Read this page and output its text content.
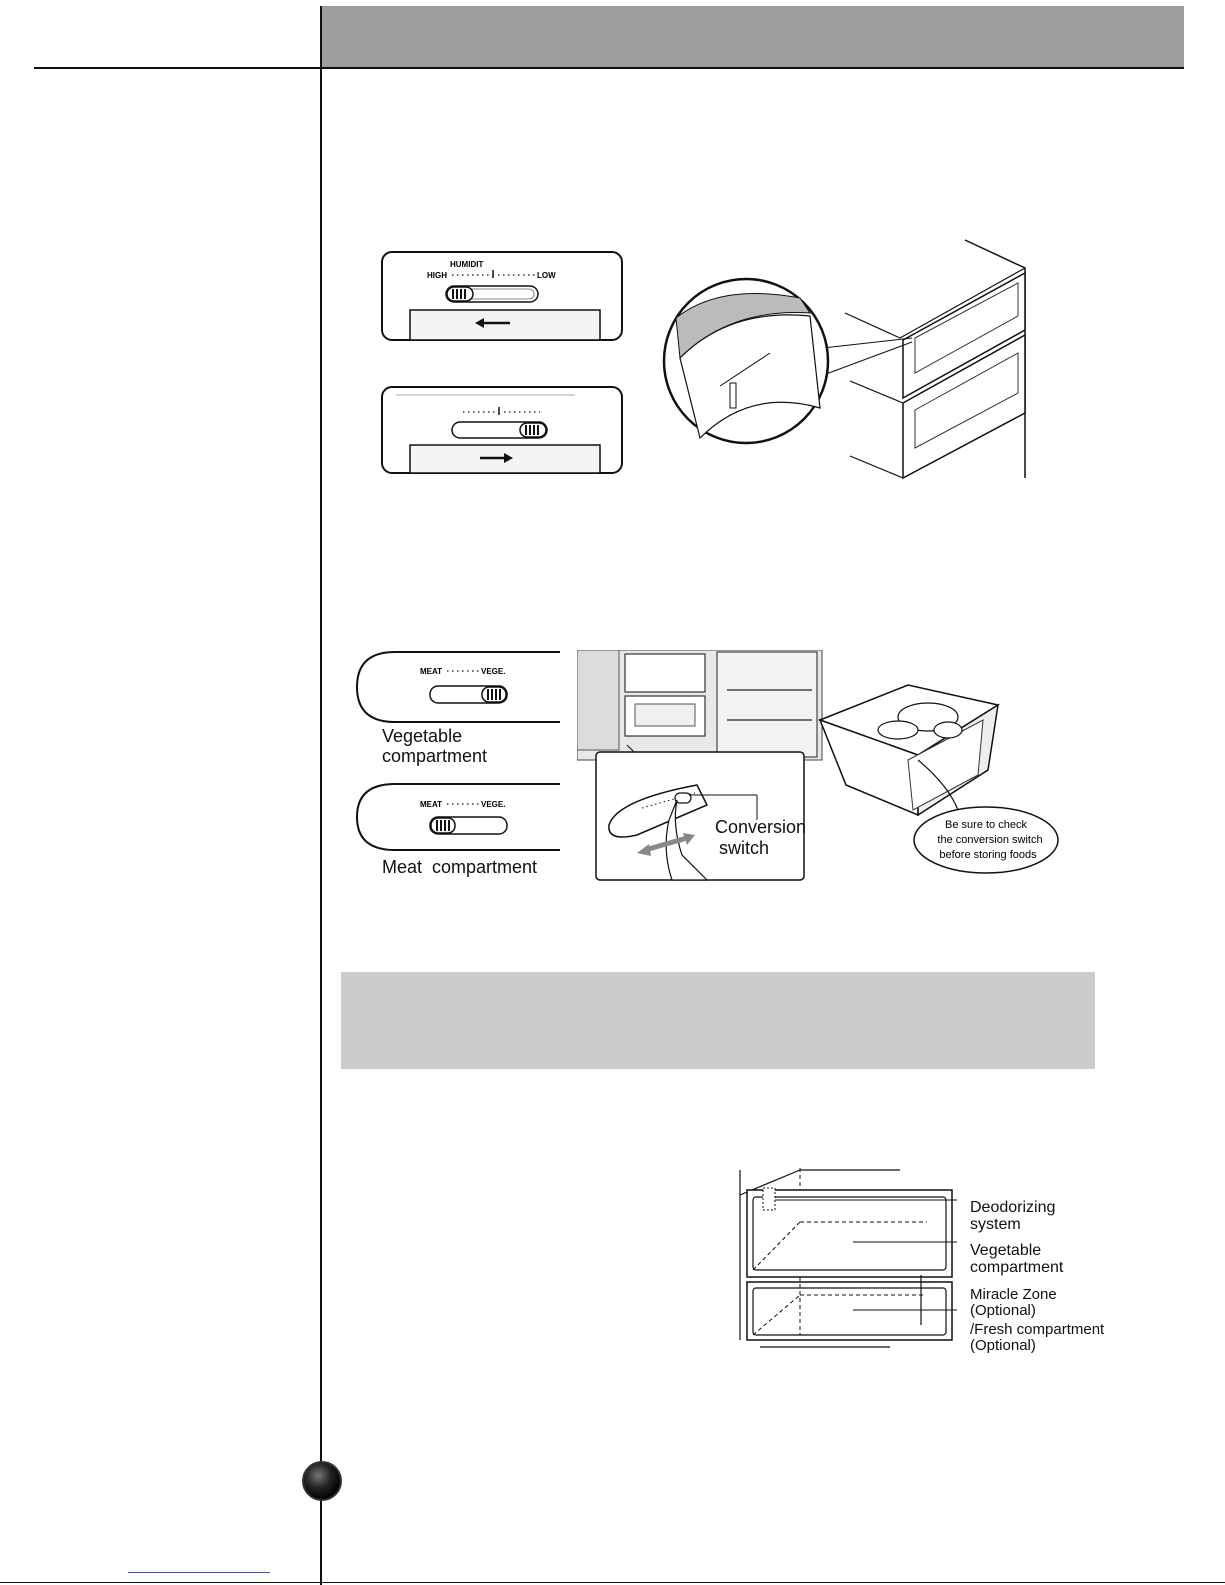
HUMIDIT
HIGH	LOW
MEAT	VEGE.
Vegetable
compartment
MEAT	VEGE.
Meat  compartment
Conversion
switch
Be sure to check
the conversion switch
before storing foods
Deodorizing
system
Vegetable
compartment
Miracle Zone
(Optional)
/Fresh compartment
(Optional)
